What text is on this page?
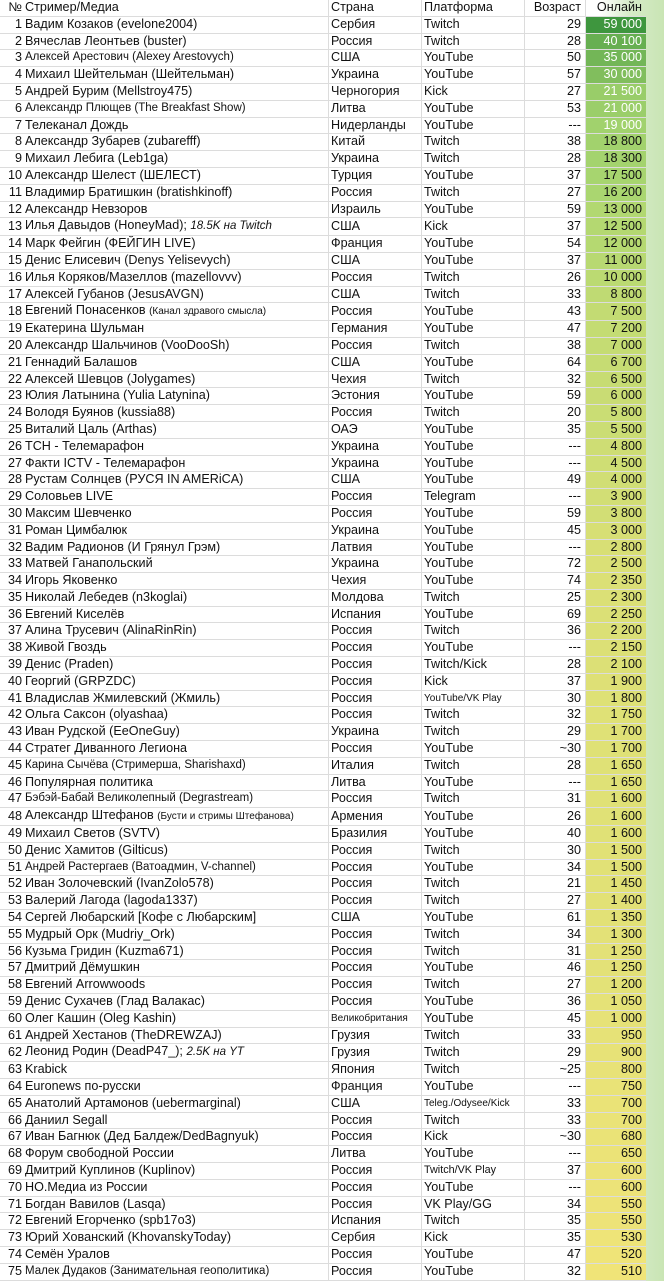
№	Стример/Медиа	Страна	Платформа	Возраст	Онлайн
1	Вадим Козаков (evelone2004)	Сербия	Twitch	29	59 000
2	Вячеслав Леонтьев (buster)	Россия	Twitch	28	40 100
3	Алексей Арестович (Alexey Arestovych)	США	YouTube	50	35 000
4	Михаил Шейтельман (Шейтельман)	Украина	YouTube	57	30 000
5	Андрей Бурим (Mellstroy475)	Черногория	Kick	27	21 500
6	Александр Плющев (The Breakfast Show)	Литва	YouTube	53	21 000
7	Телеканал Дождь	Нидерланды	YouTube	---	19 000
8	Александр Зубарев (zubarefff)	Китай	Twitch	38	18 800
9	Михаил Лебига (Leb1ga)	Украина	Twitch	28	18 300
10	Александр Шелест (ШЕЛЕСТ)	Турция	YouTube	37	17 500
11	Владимир Братишкин (bratishkinoff)	Россия	Twitch	27	16 200
12	Александр Невзоров	Израиль	YouTube	59	13 000
13	Илья Давыдов (HoneyMad); 18.5K на Twitch	США	Kick	37	12 500
14	Марк Фейгин (ФЕЙГИН LIVE)	Франция	YouTube	54	12 000
15	Денис Елисевич (Denys Yelisevych)	США	YouTube	37	11 000
16	Илья Коряков/Мазеллов (mazellovvv)	Россия	Twitch	26	10 000
17	Алексей Губанов (JesusAVGN)	США	Twitch	33	8 800
18	Евгений Понасенков (Канал здравого смысла)	Россия	YouTube	43	7 500
19	Екатерина Шульман	Германия	YouTube	47	7 200
20	Александр Шальчинов (VooDooSh)	Россия	Twitch	38	7 000
21	Геннадий Балашов	США	YouTube	64	6 700
22	Алексей Шевцов (Jolygames)	Чехия	Twitch	32	6 500
23	Юлия Латынина (Yulia Latynina)	Эстония	YouTube	59	6 000
24	Володя Буянов (kussia88)	Россия	Twitch	20	5 800
25	Виталий Цаль (Arthas)	ОАЭ	YouTube	35	5 500
26	ТСН - Телемарафон	Украина	YouTube	---	4 800
27	Факти ICTV - Телемарафон	Украина	YouTube	---	4 500
28	Рустам Солнцев (РУСЯ IN AMERiCA)	США	YouTube	49	4 000
29	Соловьев LIVE	Россия	Telegram	---	3 900
30	Максим Шевченко	Россия	YouTube	59	3 800
31	Роман Цимбалюк	Украина	YouTube	45	3 000
32	Вадим Радионов (И Грянул Грэм)	Латвия	YouTube	---	2 800
33	Матвей Ганапольский	Украина	YouTube	72	2 500
34	Игорь Яковенко	Чехия	YouTube	74	2 350
35	Николай Лебедев (n3koglai)	Молдова	Twitch	25	2 300
36	Евгений Киселёв	Испания	YouTube	69	2 250
37	Алина Трусевич (AlinaRinRin)	Россия	Twitch	36	2 200
38	Живой Гвоздь	Россия	YouTube	---	2 150
39	Денис (Praden)	Россия	Twitch/Kick	28	2 100
40	Георгий (GRPZDC)	Россия	Kick	37	1 900
41	Владислав Жмилевский (Жмиль)	Россия	YouTube/VK Play	30	1 800
42	Ольга Саксон (olyashaa)	Россия	Twitch	32	1 750
43	Иван Рудской (EeOneGuy)	Украина	Twitch	29	1 700
44	Стратег Диванного Легиона	Россия	YouTube	~30	1 700
45	Карина Сычёва (Стримерша, Sharishaxd)	Италия	Twitch	28	1 650
46	Популярная политика	Литва	YouTube	---	1 650
47	Бэбэй-Бабай Великолепный (Degrastream)	Россия	Twitch	31	1 600
48	Александр Штефанов (Бусти и стримы Штефанова)	Армения	YouTube	26	1 600
49	Михаил Светов (SVTV)	Бразилия	YouTube	40	1 600
50	Денис Хамитов (Gilticus)	Россия	Twitch	30	1 500
51	Андрей Растергаев (Ватоадмин, V-channel)	Россия	YouTube	34	1 500
52	Иван Золочевский (IvanZolo578)	Россия	Twitch	21	1 450
53	Валерий Лагода (lagoda1337)	Россия	Twitch	27	1 400
54	Сергей Любарский [Кофе с Любарским]	США	YouTube	61	1 350
55	Мудрый Орк (Mudriy_Ork)	Россия	Twitch	34	1 300
56	Кузьма Гридин (Kuzma671)	Россия	Twitch	31	1 250
57	Дмитрий Дёмушкин	Россия	YouTube	46	1 250
58	Евгений Arrowwoods	Россия	Twitch	27	1 200
59	Денис Сухачев (Глад Валакас)	Россия	YouTube	36	1 050
60	Олег Кашин (Oleg Kashin)	Великобритания	YouTube	45	1 000
61	Андрей Хестанов (TheDREWZAJ)	Грузия	Twitch	33	950
62	Леонид Родин (DeadP47_); 2.5K на YT	Грузия	Twitch	29	900
63	Krabick	Япония	Twitch	~25	800
64	Euronews по-русски	Франция	YouTube	---	750
65	Анатолий Артамонов (uebermarginal)	США	Teleg./Odysee/Kick	33	700
66	Даниил Segall	Россия	Twitch	33	700
67	Иван Багнюк (Дед Бaлдеж/DedBagnyuk)	Россия	Kick	~30	680
68	Форум свободной России	Литва	YouTube	---	650
69	Дмитрий Куплинов (Kuplinov)	Россия	Twitch/VK Play	37	600
70	НО.Медиа из России	Россия	YouTube	---	600
71	Богдан Вавилов (Lasqa)	Россия	VK Play/GG	34	550
72	Евгений Егорченко (spb17o3)	Испания	Twitch	35	550
73	Юрий Хованский (KhovanskyToday)	Сербия	Kick	35	530
74	Семён Уралов	Россия	YouTube	47	520
75	Малек Дудаков (Занимательная геополитика)	Россия	YouTube	32	510
